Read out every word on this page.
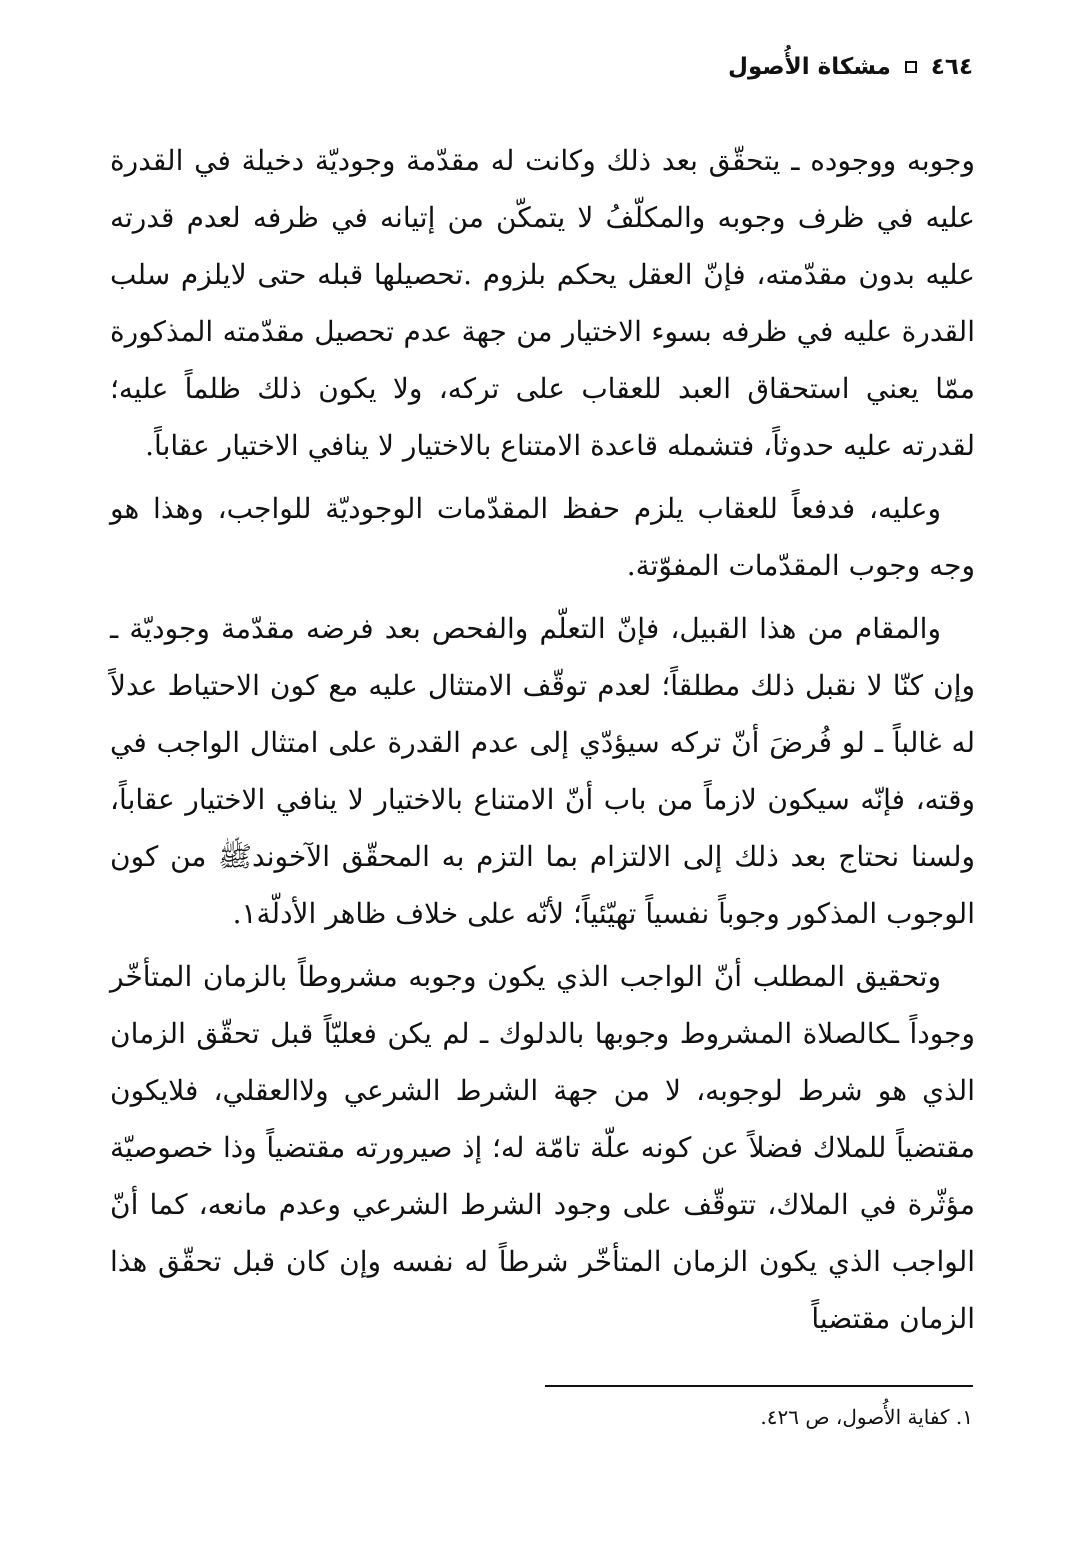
٤٦٤
مشكاة الأُصول

وجوبه ووجوده ـ يتحقّق بعد ذلك وكانت له مقدّمة وجوديّة دخيلة في القدرة عليه في ظرف وجوبه والمكلّفُ لا يتمكّن من إتيانه في ظرفه لعدم قدرته عليه بدون مقدّمته، فإنّ العقل يحكم بلزوم .تحصيلها قبله حتى لايلزم سلب القدرة عليه في ظرفه بسوء الاختيار من جهة عدم تحصيل مقدّمته المذكورة ممّا يعني استحقاق العبد للعقاب على تركه، ولا يكون ذلك ظلماً عليه؛ لقدرته عليه حدوثاً، فتشمله قاعدة الامتناع بالاختيار لا ينافي الاختيار عقاباً.

وعليه، فدفعاً للعقاب يلزم حفظ المقدّمات الوجوديّة للواجب، وهذا هو وجه وجوب المقدّمات المفوّتة.

والمقام من هذا القبيل، فإنّ التعلّم والفحص بعد فرضه مقدّمة وجوديّة ـ وإن كنّا لا نقبل ذلك مطلقاً؛ لعدم توقّف الامتثال عليه مع كون الاحتياط عدلاً له غالباً ـ لو فُرضَ أنّ تركه سيؤدّي إلى عدم القدرة على امتثال الواجب في وقته، فإنّه سيكون لازماً من باب أنّ الامتناع بالاختيار لا ينافي الاختيار عقاباً، ولسنا نحتاج بعد ذلك إلى الالتزام بما التزم به المحقّق الآخوندﷺ من كون الوجوب المذكور وجوباً نفسياً تهيّئياً؛ لأنّه على خلاف ظاهر الأدلّة١.

وتحقيق المطلب أنّ الواجب الذي يكون وجوبه مشروطاً بالزمان المتأخّر وجوداً ـكالصلاة المشروط وجوبها بالدلوك ـ لم يكن فعليّاً قبل تحقّق الزمان الذي هو شرط لوجوبه، لا من جهة الشرط الشرعي ولاالعقلي، فلايكون مقتضياً للملاك فضلاً عن كونه علّة تامّة له؛ إذ صيرورته مقتضياً وذا خصوصيّة مؤثّرة في الملاك، تتوقّف على وجود الشرط الشرعي وعدم مانعه، كما أنّ الواجب الذي يكون الزمان المتأخّر شرطاً له نفسه وإن كان قبل تحقّق هذا الزمان مقتضياً

١. كفاية الأُصول، ص ٤٢٦.
